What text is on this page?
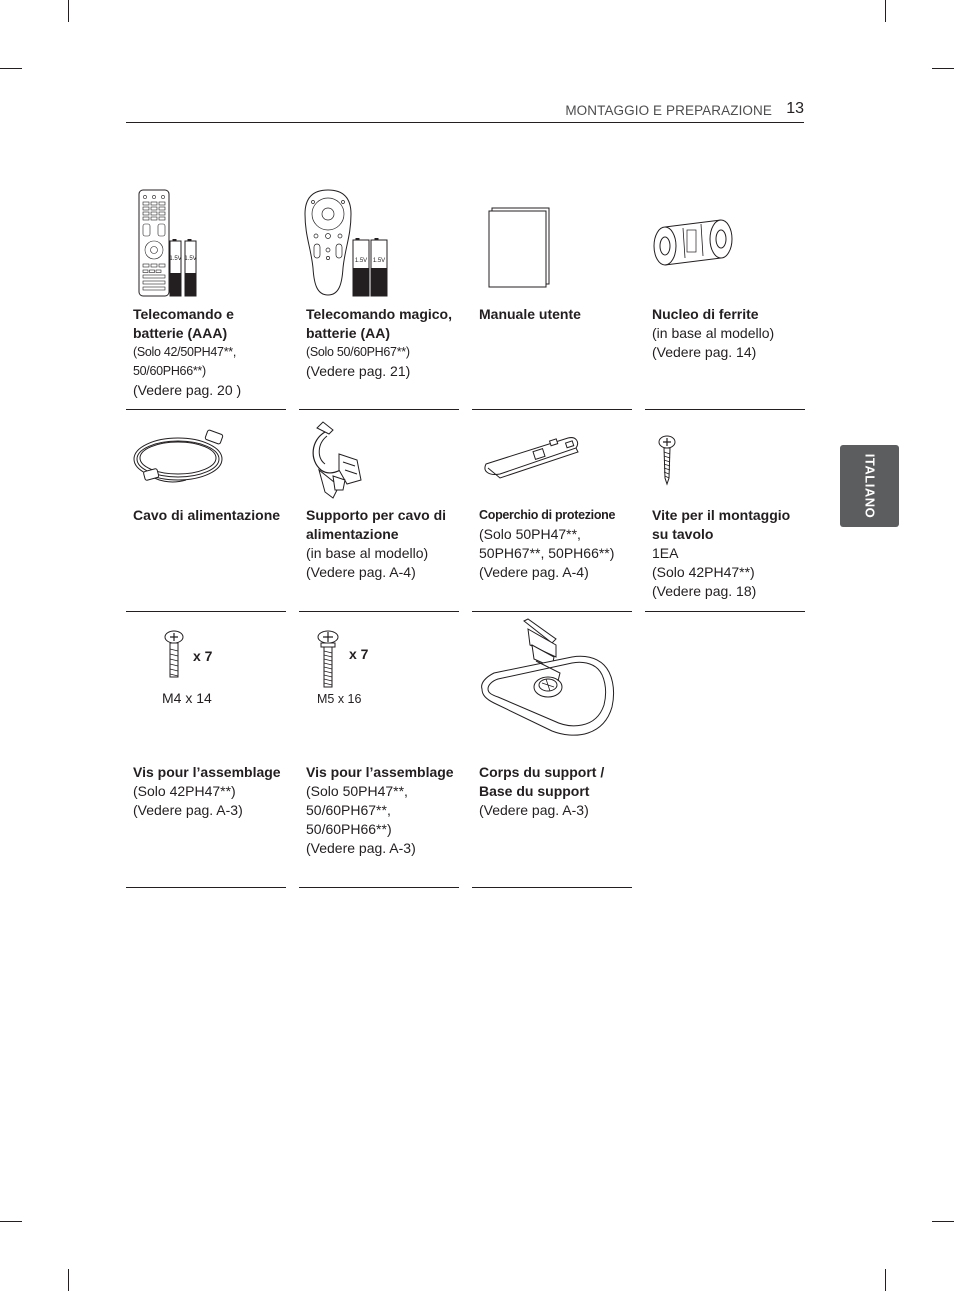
MONTAGGIO E PREPARAZIONE 13
ITALIANO
1.5V 1.5V
Telecomando e batterie (AAA)
(Solo 42/50PH47**,
50/60PH66**)
(Vedere pag. 20 )
1.5V 1.5V
Telecomando magico, batterie (AA)
(Solo 50/60PH67**)
(Vedere pag. 21)
Manuale utente	Nucleo di ferrite
(in base al modello)
(Vedere pag. 14)
Cavo di alimentazione	Supporto per cavo di alimentazione
(in base al modello)
(Vedere pag. A-4)
Coperchio di protezione
(Solo 50PH47**,
50PH67**, 50PH66**)
(Vedere pag. A-4)
Vite per il montaggio su tavolo
1EA
(Solo 42PH47**)
(Vedere pag. 18)
x 7
M4 x 14
Vis pour l’assemblage
(Solo 42PH47**)
(Vedere pag. A-3)
x 7
M5 x 16
Vis pour l’assemblage
(Solo 50PH47**,
50/60PH67**,
50/60PH66**)
(Vedere pag. A-3)
Corps du support / Base du support
(Vedere pag. A-3)
